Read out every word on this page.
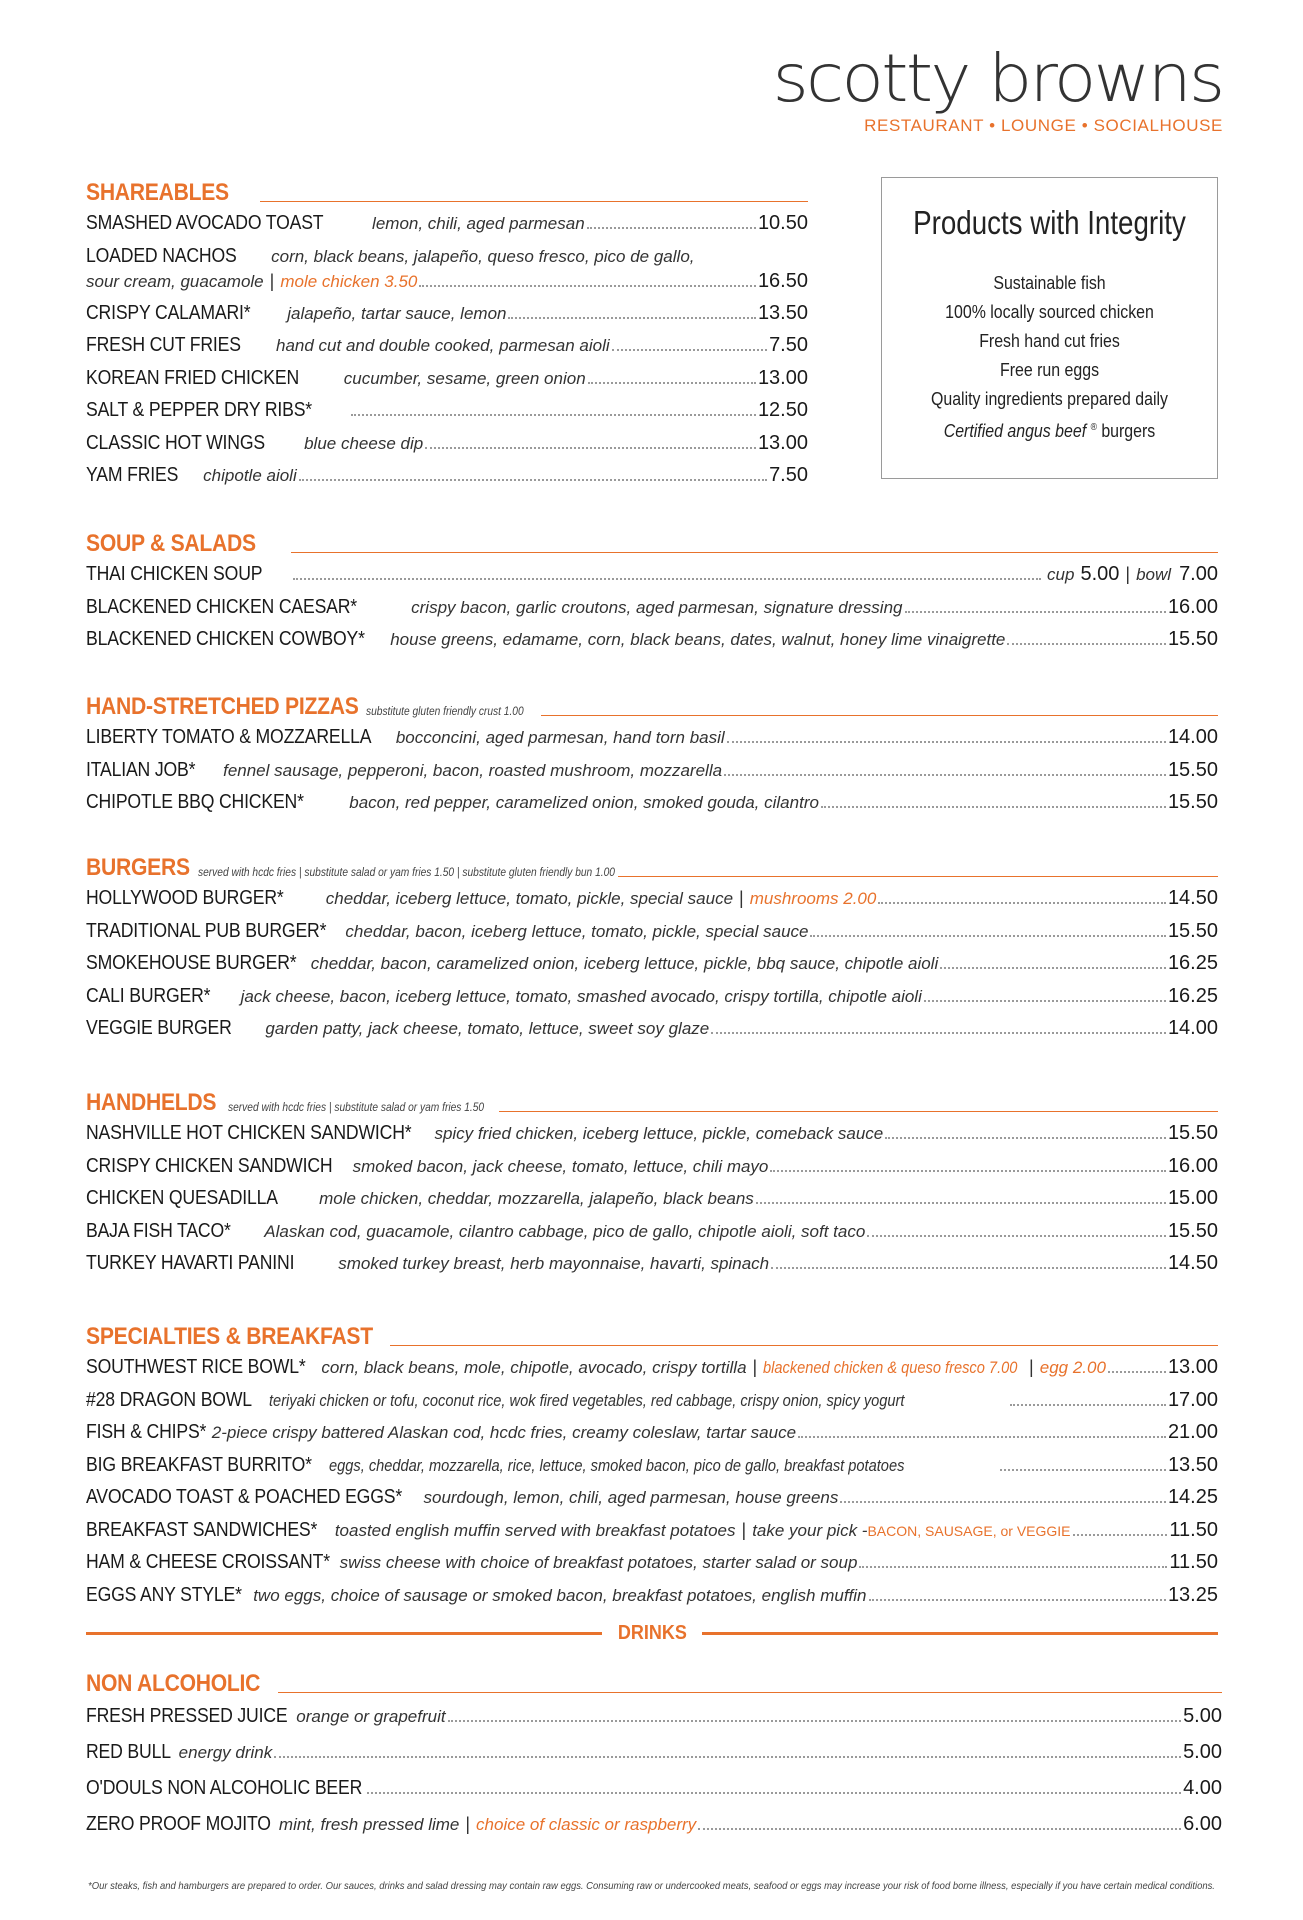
scotty browns
RESTAURANT • LOUNGE • SOCIALHOUSE
Products with Integrity
Sustainable fish
100% locally sourced chicken
Fresh hand cut fries
Free run eggs
Quality ingredients prepared daily
Certified angus beef ® burgers
SHAREABLES
SMASHED AVOCADO TOAST	lemon, chili, aged parmesan	10.50
LOADED NACHOS corn, black beans, jalapeño, queso fresco, pico de gallo,
sour cream, guacamole | mole chicken 3.50	16.50
CRISPY CALAMARI* jalapeño, tartar sauce, lemon	13.50
FRESH CUT FRIES hand cut and double cooked, parmesan aioli	7.50
KOREAN FRIED CHICKEN	cucumber, sesame, green onion	13.00
SALT & PEPPER DRY RIBS*	12.50
CLASSIC HOT WINGS blue cheese dip	13.00
YAM FRIES chipotle aioli	7.50
SOUP & SALADS
THAI CHICKEN SOUP	cup 5.00 | bowl 7.00
BLACKENED CHICKEN CAESAR*	crispy bacon, garlic croutons, aged parmesan, signature dressing	16.00
BLACKENED CHICKEN COWBOY* house greens, edamame, corn, black beans, dates, walnut, honey lime vinaigrette	15.50
HAND-STRETCHED PIZZAS substitute gluten friendly crust 1.00
LIBERTY TOMATO & MOZZARELLA bocconcini, aged parmesan, hand torn basil	14.00
ITALIAN JOB* fennel sausage, pepperoni, bacon, roasted mushroom, mozzarella	15.50
CHIPOTLE BBQ CHICKEN*	bacon, red pepper, caramelized onion, smoked gouda, cilantro	15.50
BURGERS served with hcdc fries | substitute salad or yam fries 1.50 | substitute gluten friendly bun 1.00
HOLLYWOOD BURGER* cheddar, iceberg lettuce, tomato, pickle, special sauce | mushrooms 2.00	14.50
TRADITIONAL PUB BURGER* cheddar, bacon, iceberg lettuce, tomato, pickle, special sauce	15.50
SMOKEHOUSE BURGER* cheddar, bacon, caramelized onion, iceberg lettuce, pickle, bbq sauce, chipotle aioli	16.25
CALI BURGER* jack cheese, bacon, iceberg lettuce, tomato, smashed avocado, crispy tortilla, chipotle aioli	16.25
VEGGIE BURGER garden patty, jack cheese, tomato, lettuce, sweet soy glaze	14.00
HANDHELDS served with hcdc fries | substitute salad or yam fries 1.50
NASHVILLE HOT CHICKEN SANDWICH* spicy fried chicken, iceberg lettuce, pickle, comeback sauce	15.50
CRISPY CHICKEN SANDWICH smoked bacon, jack cheese, tomato, lettuce, chili mayo	16.00
CHICKEN QUESADILLA mole chicken, cheddar, mozzarella, jalapeño, black beans	15.00
BAJA FISH TACO* Alaskan cod, guacamole, cilantro cabbage, pico de gallo, chipotle aioli, soft taco	15.50
TURKEY HAVARTI PANINI	smoked turkey breast, herb mayonnaise, havarti, spinach	14.50
SPECIALTIES & BREAKFAST
SOUTHWEST RICE BOWL* corn, black beans, mole, chipotle, avocado, crispy tortilla | blackened chicken & queso fresco 7.00 | egg 2.00	13.00
#28 DRAGON BOWL teriyaki chicken or tofu, coconut rice, wok fired vegetables, red cabbage, crispy onion, spicy yogurt	17.00
FISH & CHIPS* 2-piece crispy battered Alaskan cod, hcdc fries, creamy coleslaw, tartar sauce	21.00
BIG BREAKFAST BURRITO* eggs, cheddar, mozzarella, rice, lettuce, smoked bacon, pico de gallo, breakfast potatoes	13.50
AVOCADO TOAST & POACHED EGGS* sourdough, lemon, chili, aged parmesan, house greens	14.25
BREAKFAST SANDWICHES* toasted english muffin served with breakfast potatoes | take your pick - BACON, SAUSAGE, or VEGGIE	11.50
HAM & CHEESE CROISSANT* swiss cheese with choice of breakfast potatoes, starter salad or soup	11.50
EGGS ANY STYLE* two eggs, choice of sausage or smoked bacon, breakfast potatoes, english muffin	13.25
DRINKS
NON ALCOHOLIC
FRESH PRESSED JUICE orange or grapefruit	5.00
RED BULL energy drink	5.00
O'DOULS NON ALCOHOLIC BEER	4.00
ZERO PROOF MOJITO mint, fresh pressed lime | choice of classic or raspberry	6.00
*Our steaks, fish and hamburgers are prepared to order. Our sauces, drinks and salad dressing may contain raw eggs. Consuming raw or undercooked meats, seafood or eggs may increase your risk of food borne illness, especially if you have certain medical conditions.
